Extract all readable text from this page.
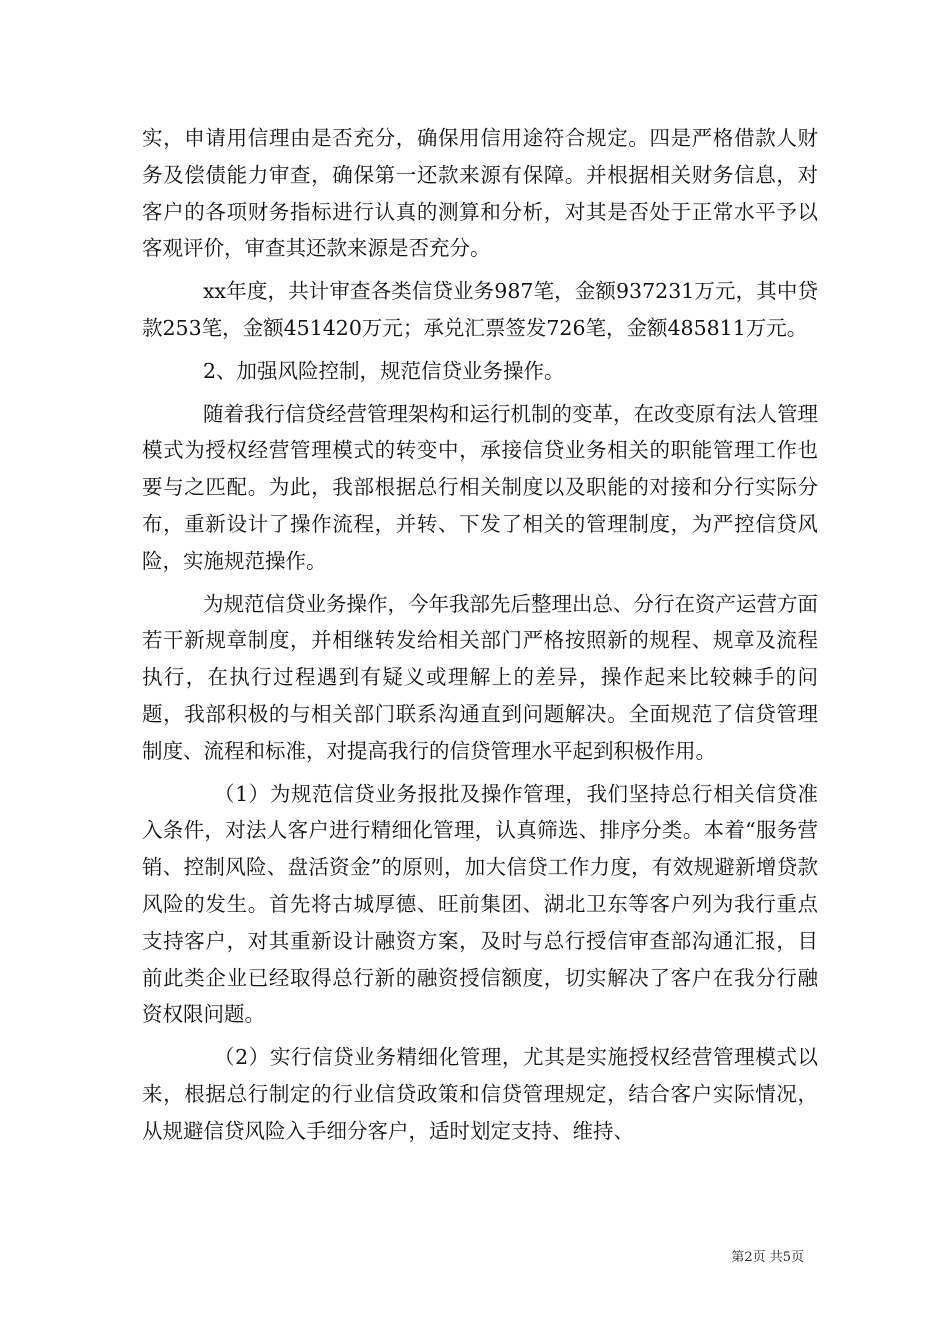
实，申请用信理由是否充分，确保用信用途符合规定。四是严格借款人财务及偿债能力审查，确保第一还款来源有保障。并根据相关财务信息，对客户的各项财务指标进行认真的测算和分析，对其是否处于正常水平予以客观评价，审查其还款来源是否充分。

xx年度，共计审查各类信贷业务987笔，金额937231万元，其中贷款253笔，金额451420万元；承兑汇票签发726笔，金额485811万元。

2、加强风险控制，规范信贷业务操作。

随着我行信贷经营管理架构和运行机制的变革，在改变原有法人管理模式为授权经营管理模式的转变中，承接信贷业务相关的职能管理工作也要与之匹配。为此，我部根据总行相关制度以及职能的对接和分行实际分布，重新设计了操作流程，并转、下发了相关的管理制度，为严控信贷风险，实施规范操作。

为规范信贷业务操作，今年我部先后整理出总、分行在资产运营方面若干新规章制度，并相继转发给相关部门严格按照新的规程、规章及流程执行，在执行过程遇到有疑义或理解上的差异，操作起来比较棘手的问题，我部积极的与相关部门联系沟通直到问题解决。全面规范了信贷管理制度、流程和标准，对提高我行的信贷管理水平起到积极作用。

（1）为规范信贷业务报批及操作管理，我们坚持总行相关信贷准入条件，对法人客户进行精细化管理，认真筛选、排序分类。本着“服务营销、控制风险、盘活资金”的原则，加大信贷工作力度，有效规避新增贷款风险的发生。首先将古城厚德、旺前集团、湖北卫东等客户列为我行重点支持客户，对其重新设计融资方案，及时与总行授信审查部沟通汇报，目前此类企业已经取得总行新的融资授信额度，切实解决了客户在我分行融资权限问题。

（2）实行信贷业务精细化管理，尤其是实施授权经营管理模式以来，根据总行制定的行业信贷政策和信贷管理规定，结合客户实际情况，从规避信贷风险入手细分客户，适时划定支持、维持、

第2页 共5页
